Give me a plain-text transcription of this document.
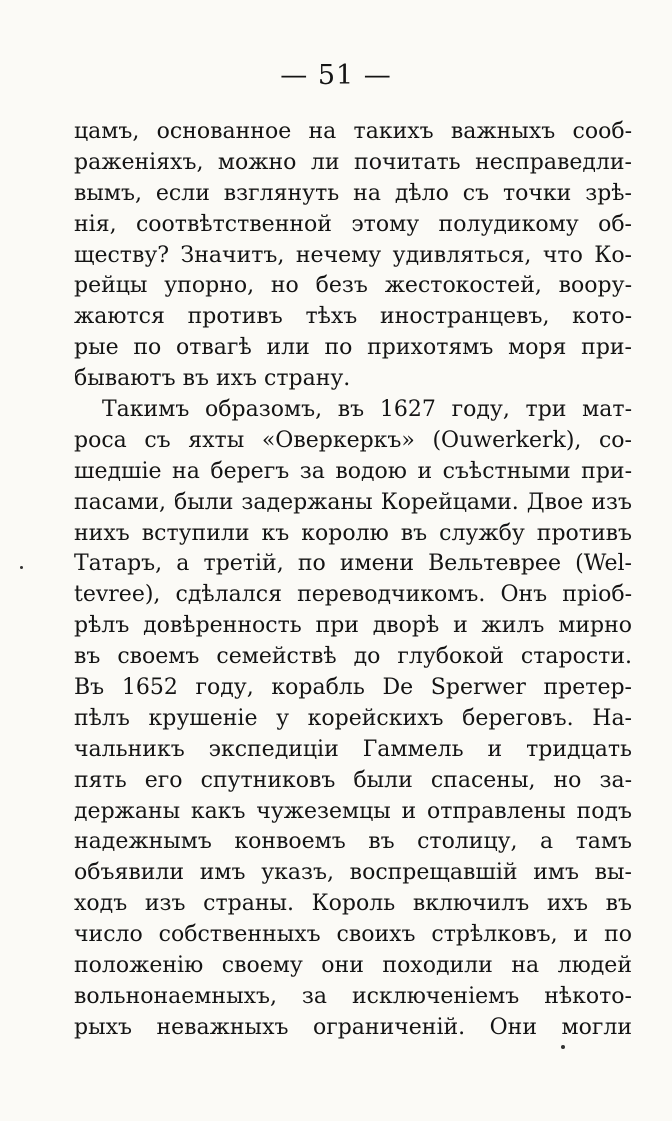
— 51 —
цамъ, основанное на такихъ важныхъ сооб-
раженіяхъ, можно ли почитать несправедли-
вымъ, если взглянуть на дѣло съ точки зрѣ-
нія, соотвѣтственной этому полудикому об-
ществу? Значитъ, нечему удивляться, что Ко-
рейцы упорно, но безъ жестокостей, воору-
жаются противъ тѣхъ иностранцевъ, кото-
рые по отвагѣ или по прихотямъ моря при-
бываютъ въ ихъ страну.
Такимъ образомъ, въ 1627 году, три мат-
роса съ яхты «Оверкеркъ» (Ouwerkerk), со-
шедшіе на берегъ за водою и съѣстными при-
пасами, были задержаны Корейцами. Двое изъ
нихъ вступили къ королю въ службу противъ
Татаръ, а третій, по имени Вельтеврее (Wel-
tevree), сдѣлался переводчикомъ. Онъ пріоб-
рѣлъ довѣренность при дворѣ и жилъ мирно
въ своемъ семействѣ до глубокой старости.
Въ 1652 году, корабль De Sperwer претер-
пѣлъ крушеніе у корейскихъ береговъ. На-
чальникъ экспедиціи Гаммель и тридцать
пять его спутниковъ были спасены, но за-
держаны какъ чужеземцы и отправлены подъ
надежнымъ конвоемъ въ столицу, а тамъ
объявили имъ указъ, воспрещавшій имъ вы-
ходъ изъ страны. Король включилъ ихъ въ
число собственныхъ своихъ стрѣлковъ, и по
положенію своему они походили на людей
вольнонаемныхъ, за исключеніемъ нѣкото-
рыхъ неважныхъ ограниченій. Они могли
